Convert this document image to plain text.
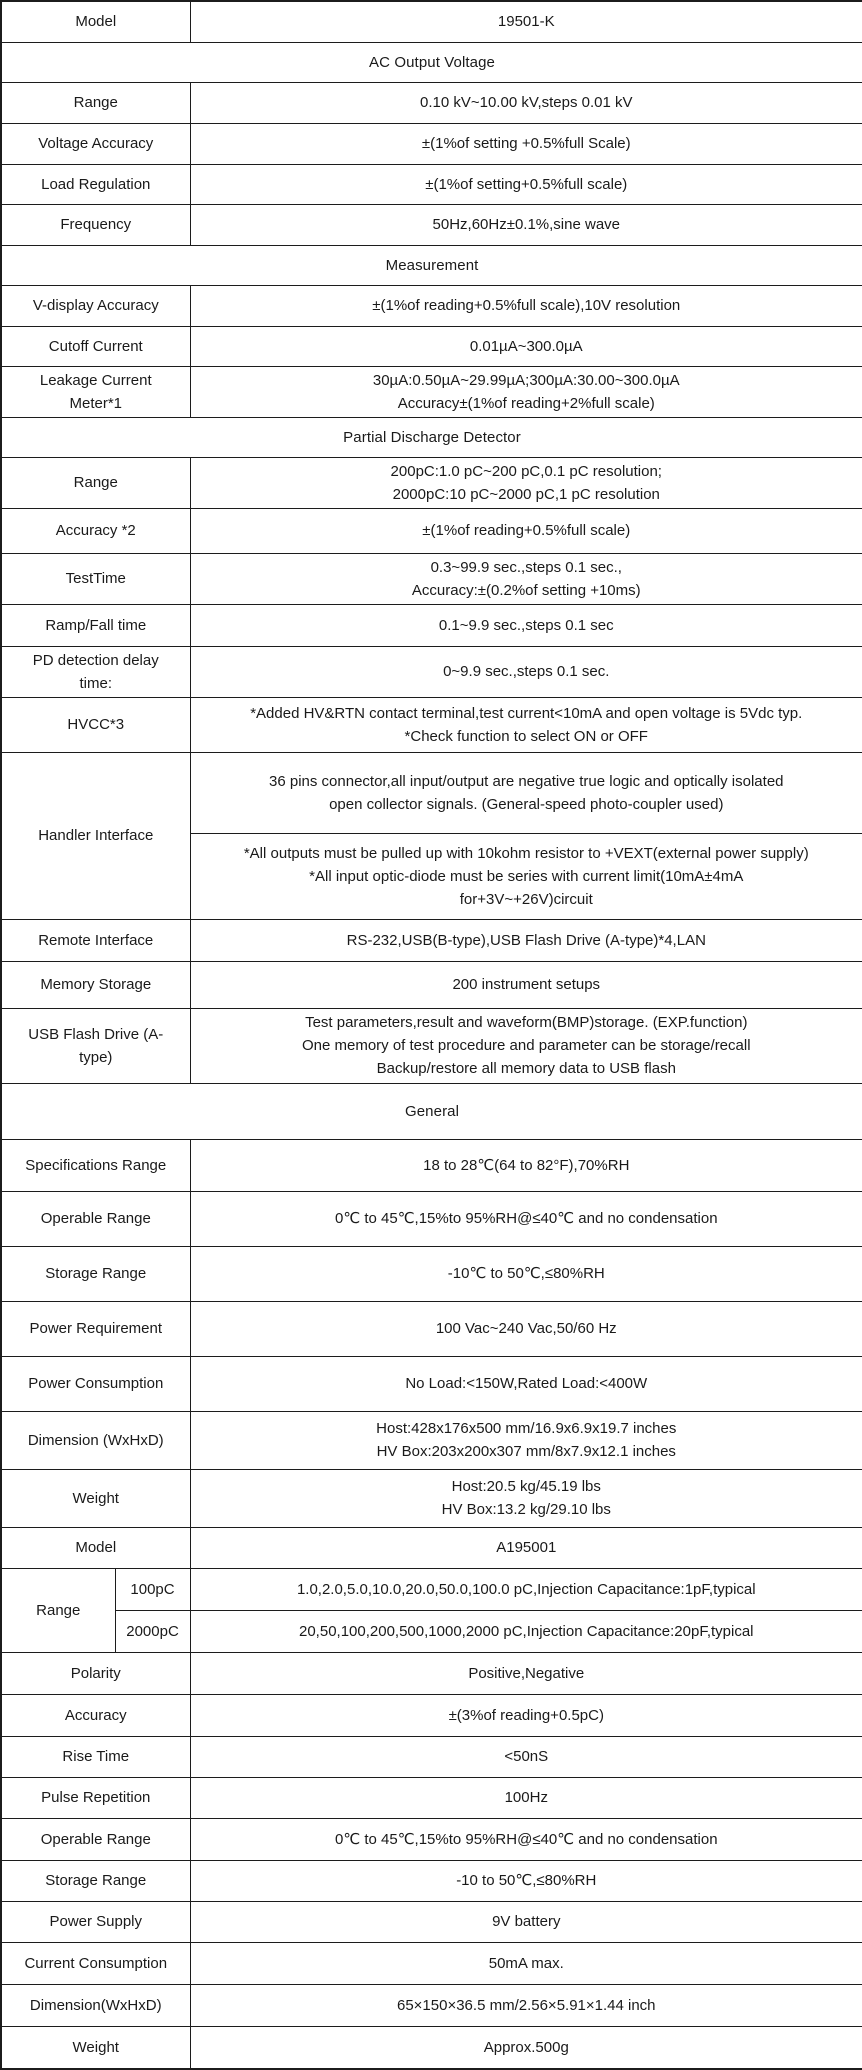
Model		19501-K

AC Output Voltage		

Range		0.10 kV~10.00 kV,steps 0.01 kV

Voltage Accuracy		±(1%of setting +0.5%full Scale)

Load Regulation		±(1%of setting+0.5%full scale)

Frequency		50Hz,60Hz±0.1%,sine wave

Measurement		

V-display Accuracy		±(1%of reading+0.5%full scale),10V resolution

Cutoff Current		0.01µA~300.0µA

Leakage Current
Meter*1		30µA:0.50µA~29.99µA;300µA:30.00~300.0µA
Accuracy±(1%of reading+2%full scale)

Partial Discharge Detector		

Range		200pC:1.0 pC~200 pC,0.1 pC resolution;
2000pC:10 pC~2000 pC,1 pC resolution

Accuracy *2		±(1%of reading+0.5%full scale)

TestTime		0.3~99.9 sec.,steps 0.1 sec.,
Accuracy:±(0.2%of setting +10ms)

Ramp/Fall time		0.1~9.9 sec.,steps 0.1 sec

PD detection delay
time:		0~9.9 sec.,steps 0.1 sec.

HVCC*3		*Added HV&RTN contact terminal,test current<10mA and open voltage is 5Vdc typ.
*Check function to select ON or OFF

Handler Interface		36 pins connector,all input/output are negative true logic and optically isolated
open collector signals. (General-speed photo-coupler used)

		*All outputs must be pulled up with 10kohm resistor to +VEXT(external power supply)
*All input optic-diode must be series with current limit(10mA±4mA
for+3V~+26V)circuit

Remote Interface		RS-232,USB(B-type),USB Flash Drive (A-type)*4,LAN

Memory Storage		200 instrument setups

USB Flash Drive (A-
type)		Test parameters,result and waveform(BMP)storage. (EXP.function)
One memory of test procedure and parameter can be storage/recall
Backup/restore all memory data to USB flash

General		

Specifications Range		18 to 28℃(64 to 82°F),70%RH

Operable Range		0℃ to 45℃,15%to 95%RH@≤40℃ and no condensation

Storage Range		-10℃ to 50℃,≤80%RH

Power Requirement		100 Vac~240 Vac,50/60 Hz

Power Consumption		No Load:<150W,Rated Load:<400W

Dimension (WxHxD)		Host:428x176x500 mm/16.9x6.9x19.7 inches
HV Box:203x200x307 mm/8x7.9x12.1 inches

Weight		Host:20.5 kg/45.19 lbs
HV Box:13.2 kg/29.10 lbs

Model		A195001

Range	100pC	1.0,2.0,5.0,10.0,20.0,50.0,100.0 pC,Injection Capacitance:1pF,typical

	2000pC	20,50,100,200,500,1000,2000 pC,Injection Capacitance:20pF,typical

Polarity		Positive,Negative

Accuracy		±(3%of reading+0.5pC)

Rise Time		<50nS

Pulse Repetition		100Hz

Operable Range		0℃ to 45℃,15%to 95%RH@≤40℃ and no condensation

Storage Range		-10 to 50℃,≤80%RH

Power Supply		9V battery

Current Consumption		50mA max.

Dimension(WxHxD)		65×150×36.5 mm/2.56×5.91×1.44 inch

Weight		Approx.500g
